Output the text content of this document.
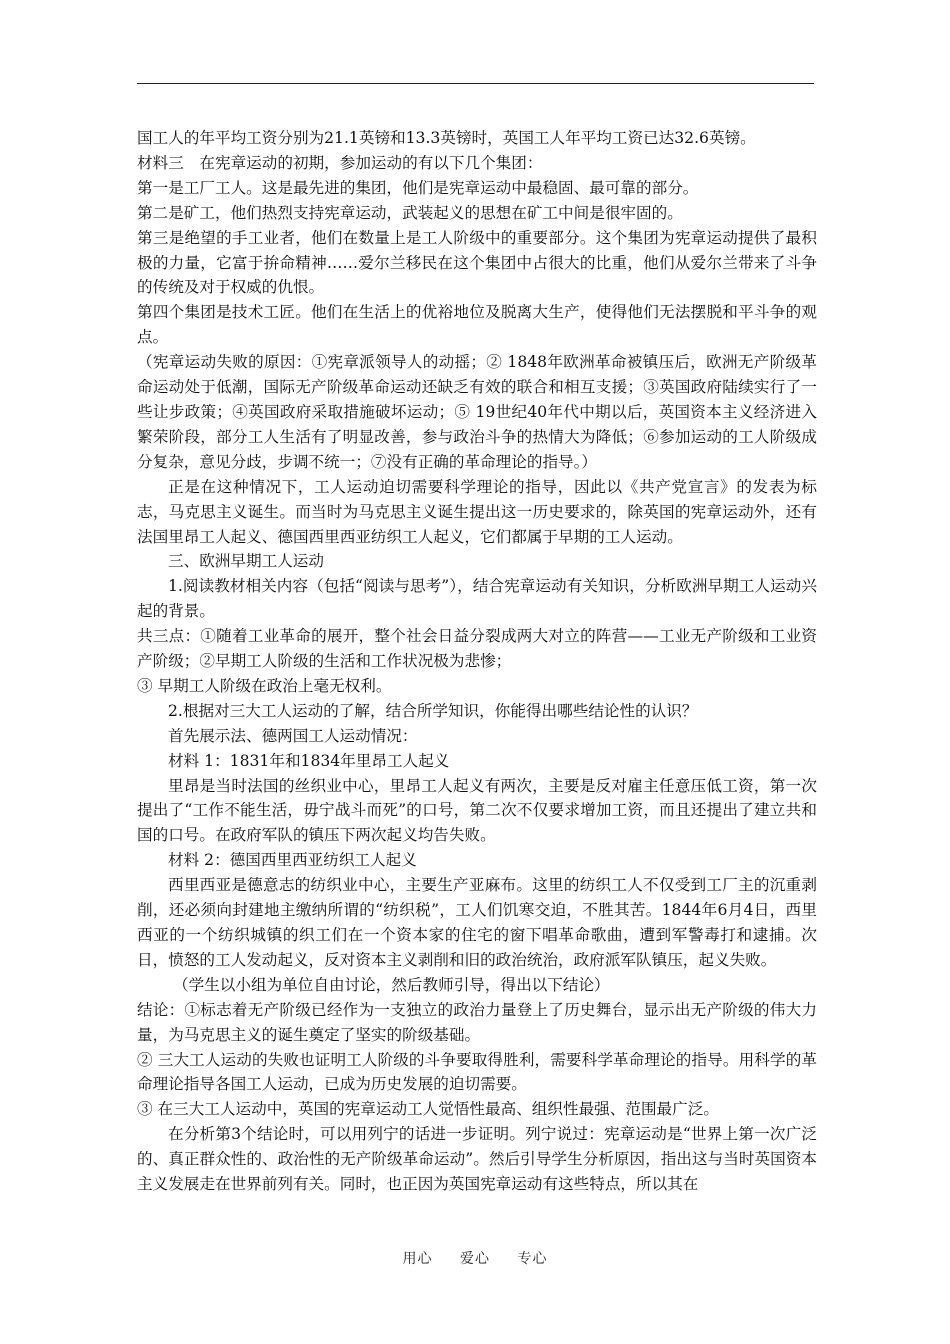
国工人的年平均工资分别为21.1英镑和13.3英镑时，英国工人年平均工资已达32.6英镑。

材料三　在宪章运动的初期，参加运动的有以下几个集团：

第一是工厂工人。这是最先进的集团，他们是宪章运动中最稳固、最可靠的部分。

第二是矿工，他们热烈支持宪章运动，武装起义的思想在矿工中间是很牢固的。

第三是绝望的手工业者，他们在数量上是工人阶级中的重要部分。这个集团为宪章运动提供了最积极的力量，它富于拚命精神……爱尔兰移民在这个集团中占很大的比重，他们从爱尔兰带来了斗争的传统及对于权威的仇恨。

第四个集团是技术工匠。他们在生活上的优裕地位及脱离大生产，使得他们无法摆脱和平斗争的观点。

（宪章运动失败的原因：①宪章派领导人的动摇；② 1848年欧洲革命被镇压后，欧洲无产阶级革命运动处于低潮，国际无产阶级革命运动还缺乏有效的联合和相互支援；③英国政府陆续实行了一些让步政策；④英国政府采取措施破坏运动；⑤ 19世纪40年代中期以后，英国资本主义经济进入繁荣阶段，部分工人生活有了明显改善，参与政治斗争的热情大为降低；⑥参加运动的工人阶级成分复杂，意见分歧，步调不统一；⑦没有正确的革命理论的指导。）

正是在这种情况下，工人运动迫切需要科学理论的指导，因此以《共产党宣言》的发表为标志，马克思主义诞生。而当时为马克思主义诞生提出这一历史要求的，除英国的宪章运动外，还有法国里昂工人起义、德国西里西亚纺织工人起义，它们都属于早期的工人运动。

三、欧洲早期工人运动

1.阅读教材相关内容（包括“阅读与思考”），结合宪章运动有关知识，分析欧洲早期工人运动兴起的背景。

共三点：①随着工业革命的展开，整个社会日益分裂成两大对立的阵营——工业无产阶级和工业资产阶级；②早期工人阶级的生活和工作状况极为悲惨；

③ 早期工人阶级在政治上毫无权利。

2.根据对三大工人运动的了解，结合所学知识，你能得出哪些结论性的认识？

首先展示法、德两国工人运动情况：

材料 1：1831年和1834年里昂工人起义

里昂是当时法国的丝织业中心，里昂工人起义有两次，主要是反对雇主任意压低工资，第一次提出了“工作不能生活，毋宁战斗而死”的口号，第二次不仅要求增加工资，而且还提出了建立共和国的口号。在政府军队的镇压下两次起义均告失败。

材料 2：德国西里西亚纺织工人起义

西里西亚是德意志的纺织业中心，主要生产亚麻布。这里的纺织工人不仅受到工厂主的沉重剥削，还必须向封建地主缴纳所谓的“纺织税”，工人们饥寒交迫，不胜其苦。1844年6月4日，西里西亚的一个纺织城镇的织工们在一个资本家的住宅的窗下唱革命歌曲，遭到军警毒打和逮捕。次日，愤怒的工人发动起义，反对资本主义剥削和旧的政治统治，政府派军队镇压，起义失败。

（学生以小组为单位自由讨论，然后教师引导，得出以下结论）

结论：①标志着无产阶级已经作为一支独立的政治力量登上了历史舞台，显示出无产阶级的伟大力量，为马克思主义的诞生奠定了坚实的阶级基础。

② 三大工人运动的失败也证明工人阶级的斗争要取得胜利，需要科学革命理论的指导。用科学的革命理论指导各国工人运动，已成为历史发展的迫切需要。

③ 在三大工人运动中，英国的宪章运动工人觉悟性最高、组织性最强、范围最广泛。

在分析第3个结论时，可以用列宁的话进一步证明。列宁说过：宪章运动是“世界上第一次广泛的、真正群众性的、政治性的无产阶级革命运动”。然后引导学生分析原因，指出这与当时英国资本主义发展走在世界前列有关。同时，也正因为英国宪章运动有这些特点，所以其在

用心 爱心 专心
